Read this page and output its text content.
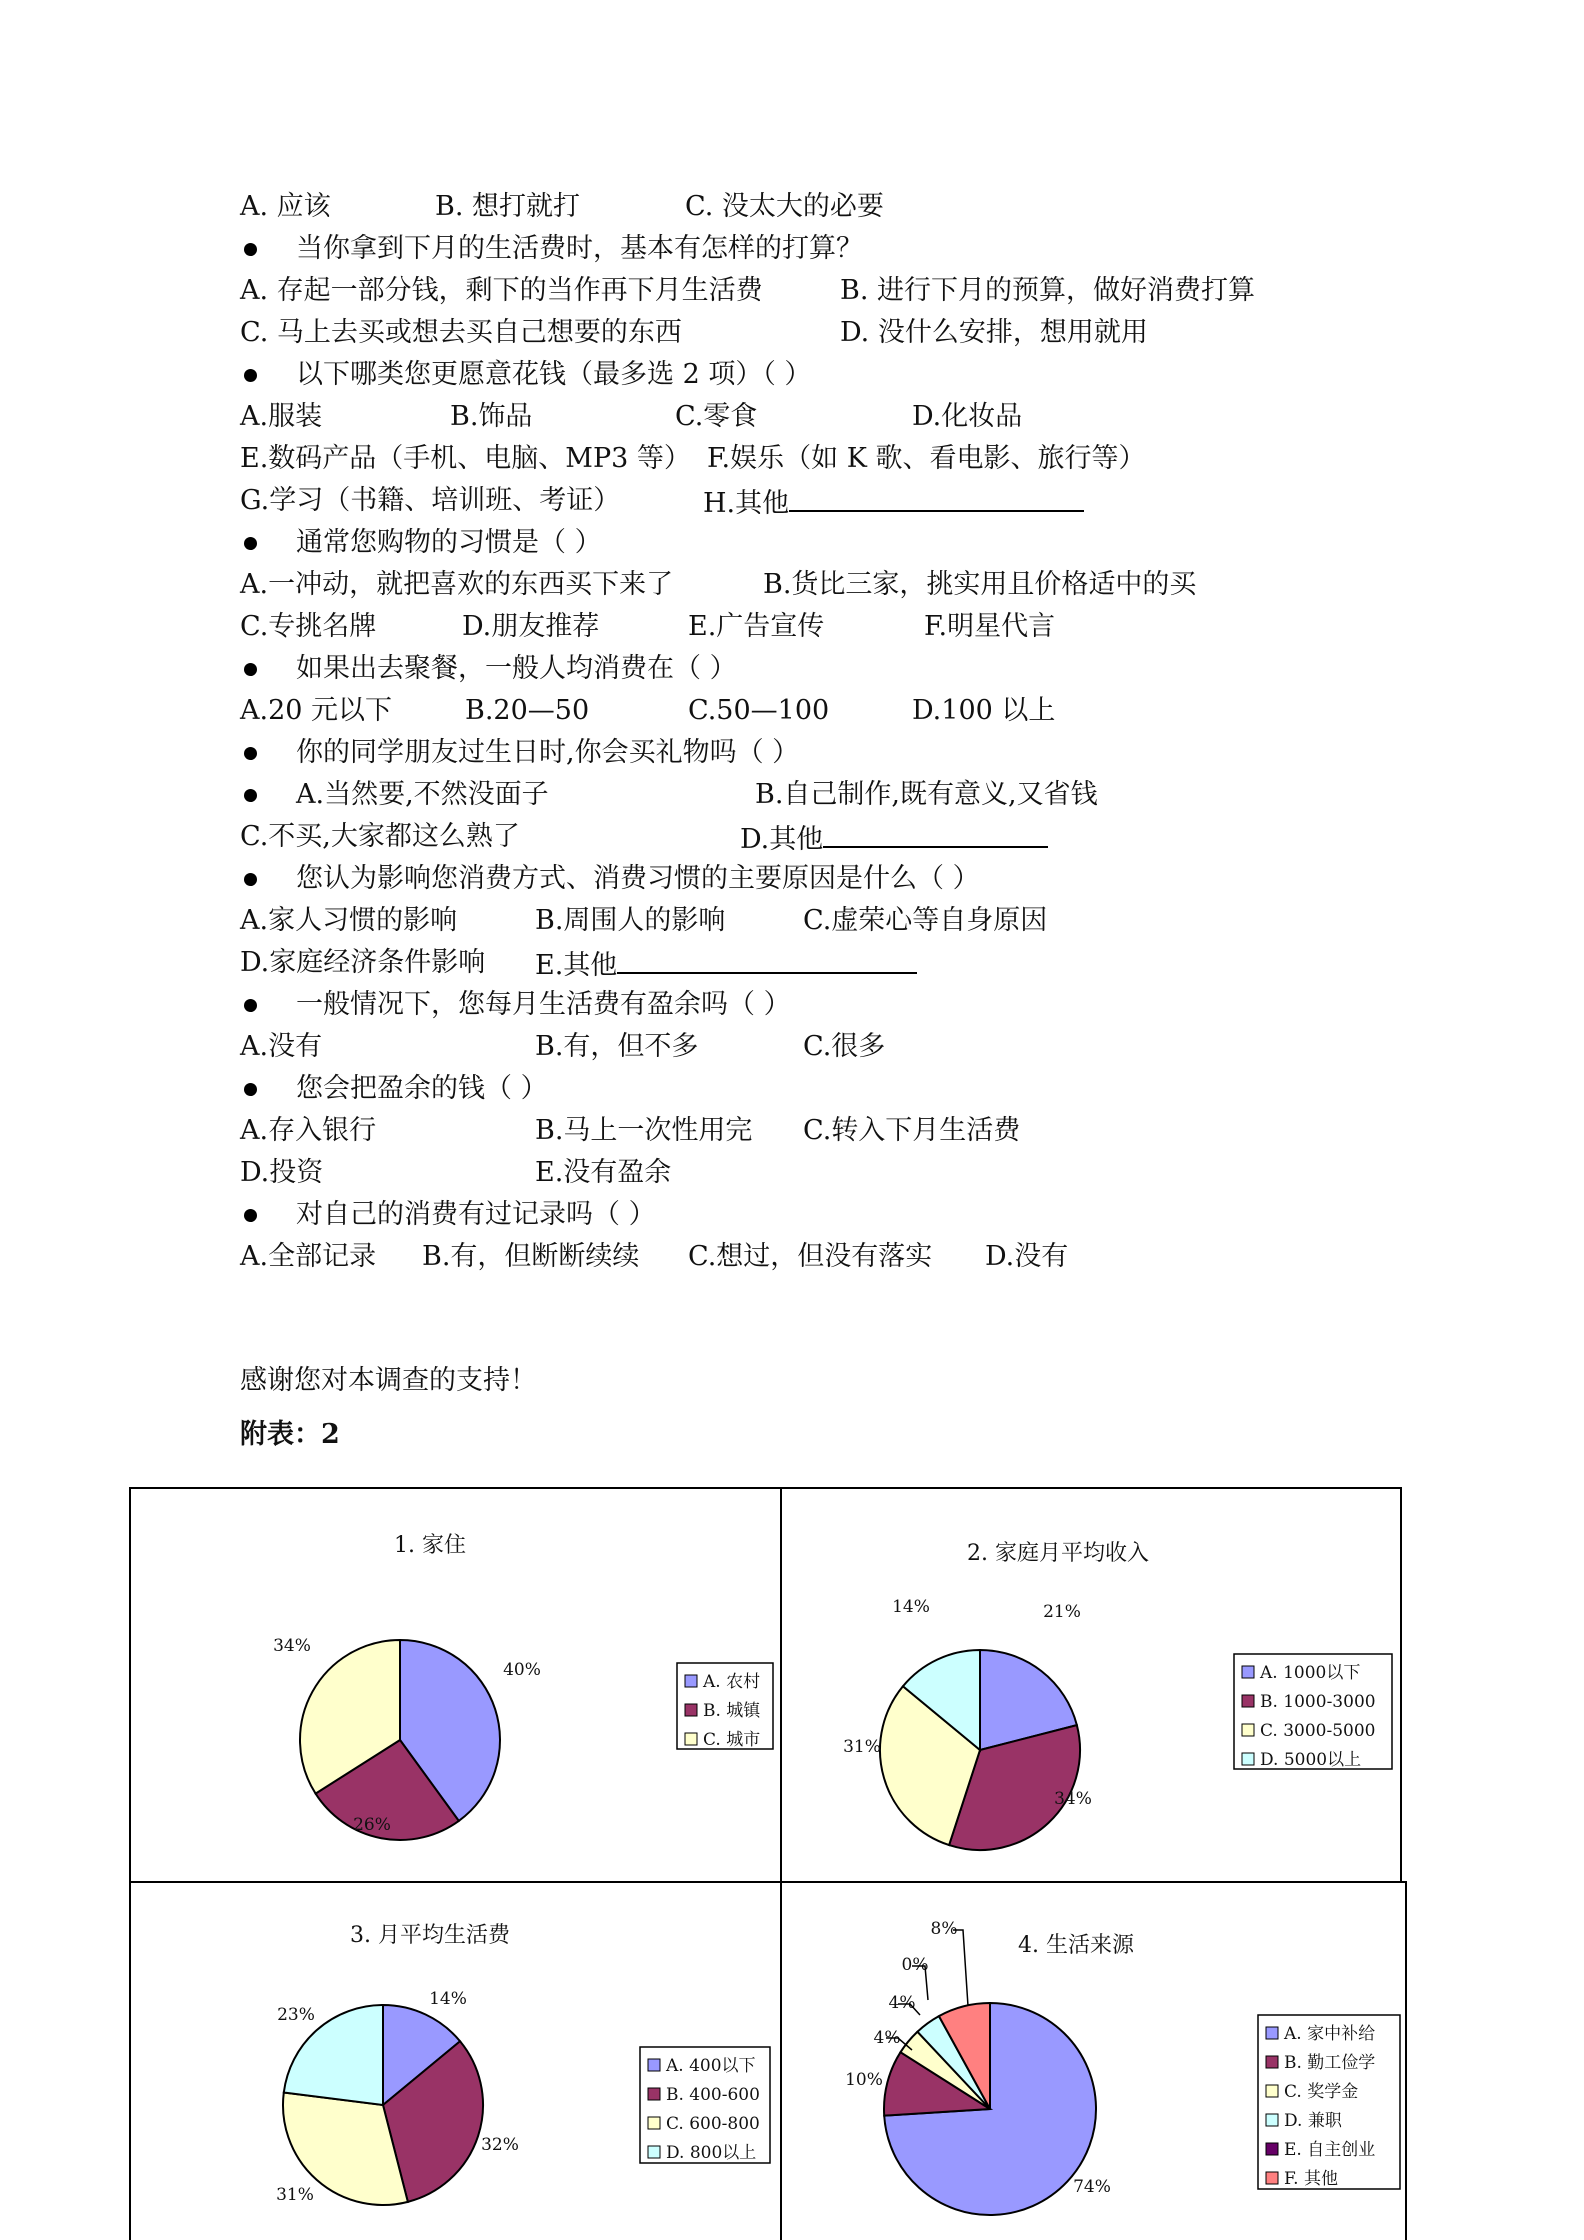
A. 应该	B. 想打就打	C. 没太大的必要
当你拿到下月的生活费时，基本有怎样的打算？
A. 存起一部分钱，剩下的当作再下月生活费	B. 进行下月的预算，做好消费打算
C. 马上去买或想去买自己想要的东西	D. 没什么安排，想用就用
以下哪类您更愿意花钱（最多选 2 项）（ ）
A.服装	B.饰品	C.零食	D.化妆品
E.数码产品（手机、电脑、MP3 等） F.娱乐（如 K 歌、看电影、旅行等）
G.学习（书籍、培训班、考证）	H.其他
通常您购物的习惯是（ ）
A.一冲动，就把喜欢的东西买下来了	B.货比三家，挑实用且价格适中的买
C.专挑名牌	D.朋友推荐	E.广告宣传	F.明星代言
如果出去聚餐，一般人均消费在（ ）
A.20 元以下	B.20—50	C.50—100	D.100 以上
你的同学朋友过生日时,你会买礼物吗（ ）
A.当然要,不然没面子	B.自己制作,既有意义,又省钱
C.不买,大家都这么熟了	D.其他
您认为影响您消费方式、消费习惯的主要原因是什么（ ）
A.家人习惯的影响	B.周围人的影响	C.虚荣心等自身原因
D.家庭经济条件影响 E.其他
一般情况下，您每月生活费有盈余吗（ ）
A.没有	B.有，但不多	C.很多
您会把盈余的钱（ ）
A.存入银行	B.马上一次性用完 C.转入下月生活费
D.投资	E.没有盈余
对自己的消费有过记录吗（ ）
A.全部记录 B.有，但断断续续 C.想过，但没有落实 D.没有
感谢您对本调查的支持！
附表：2
1. 家住
40%
26%
34%
A. 农村
B. 城镇
C. 城市
2. 家庭月平均收入
21%
34%
31%
14%
A. 1000以下
B. 1000-3000
C. 3000-5000
D. 5000以上
3. 月平均生活费
14%
32%
31%
23%
A. 400以下
B. 400-600
C. 600-800
D. 800以上
4. 生活来源
74%
10%
4%
4%
0%
8%
A. 家中补给
B. 勤工俭学
C. 奖学金
D. 兼职
E. 自主创业
F. 其他
